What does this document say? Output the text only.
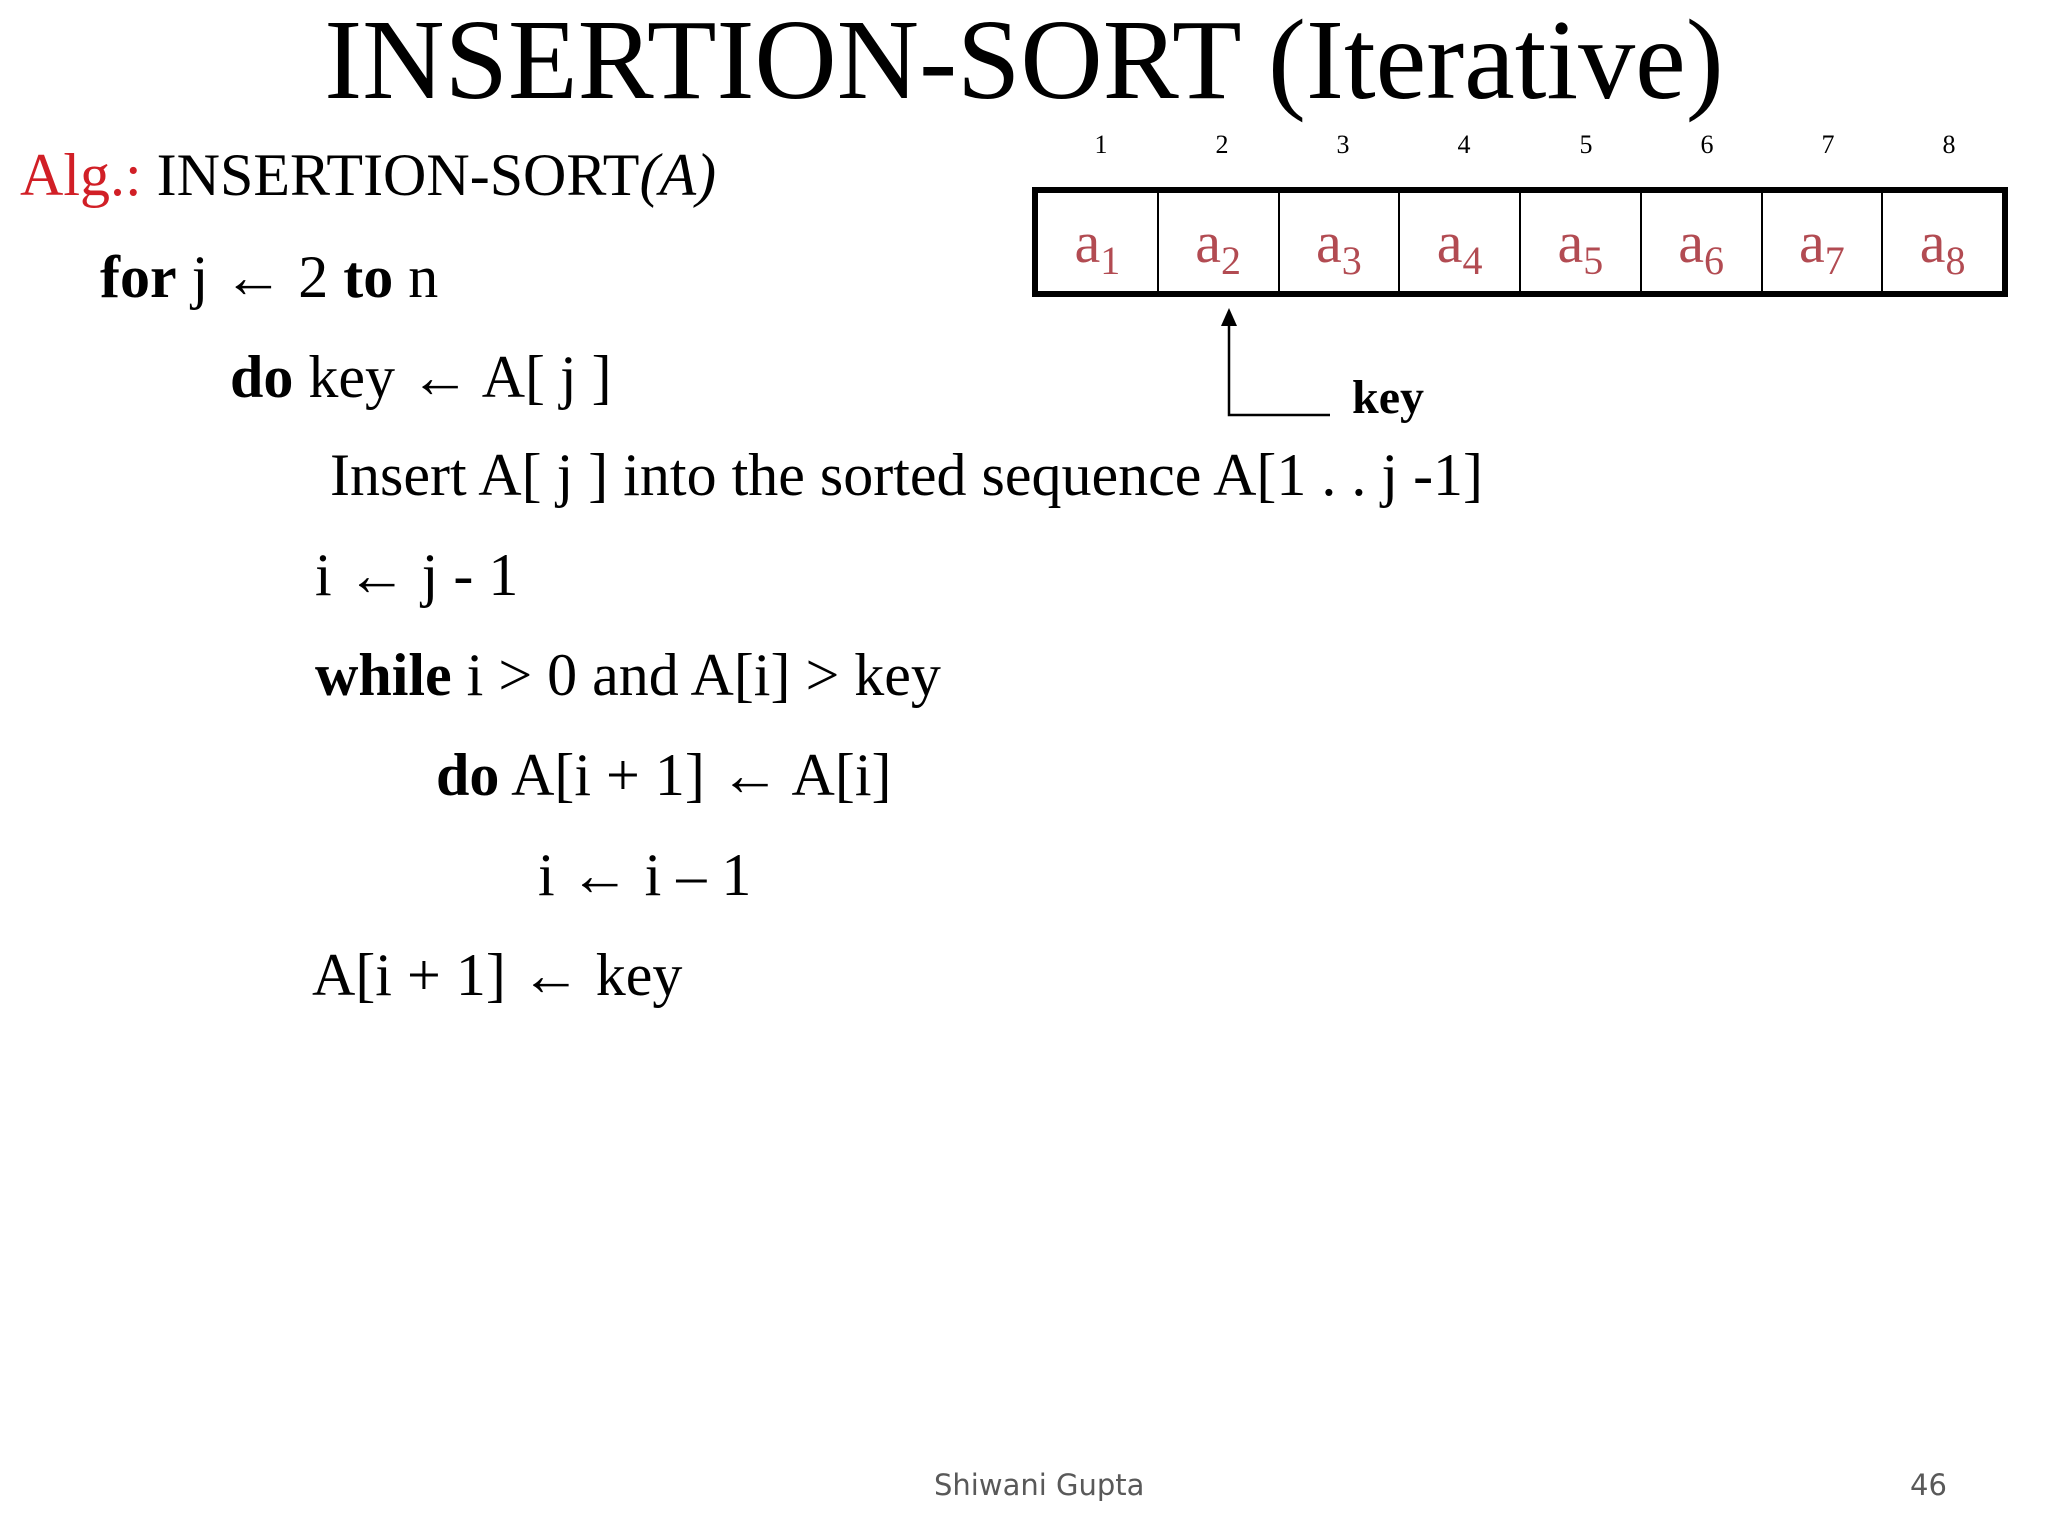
INSERTION-SORT (Iterative)
Alg.: INSERTION-SORT(A)
for j ← 2 to n
do key ← A[ j ]
Insert A[ j ] into the sorted sequence A[1 . . j -1]
i ← j - 1
while i > 0 and A[i] > key
do A[i + 1] ← A[i]
i ← i – 1
A[i + 1] ← key
1	2	3	4	5	6	7	8
$a_1$	$a_2$	$a_3$	$a_4$	$a_5$	$a_6$	$a_7$	$a_8$
key
Shiwani Gupta	46
